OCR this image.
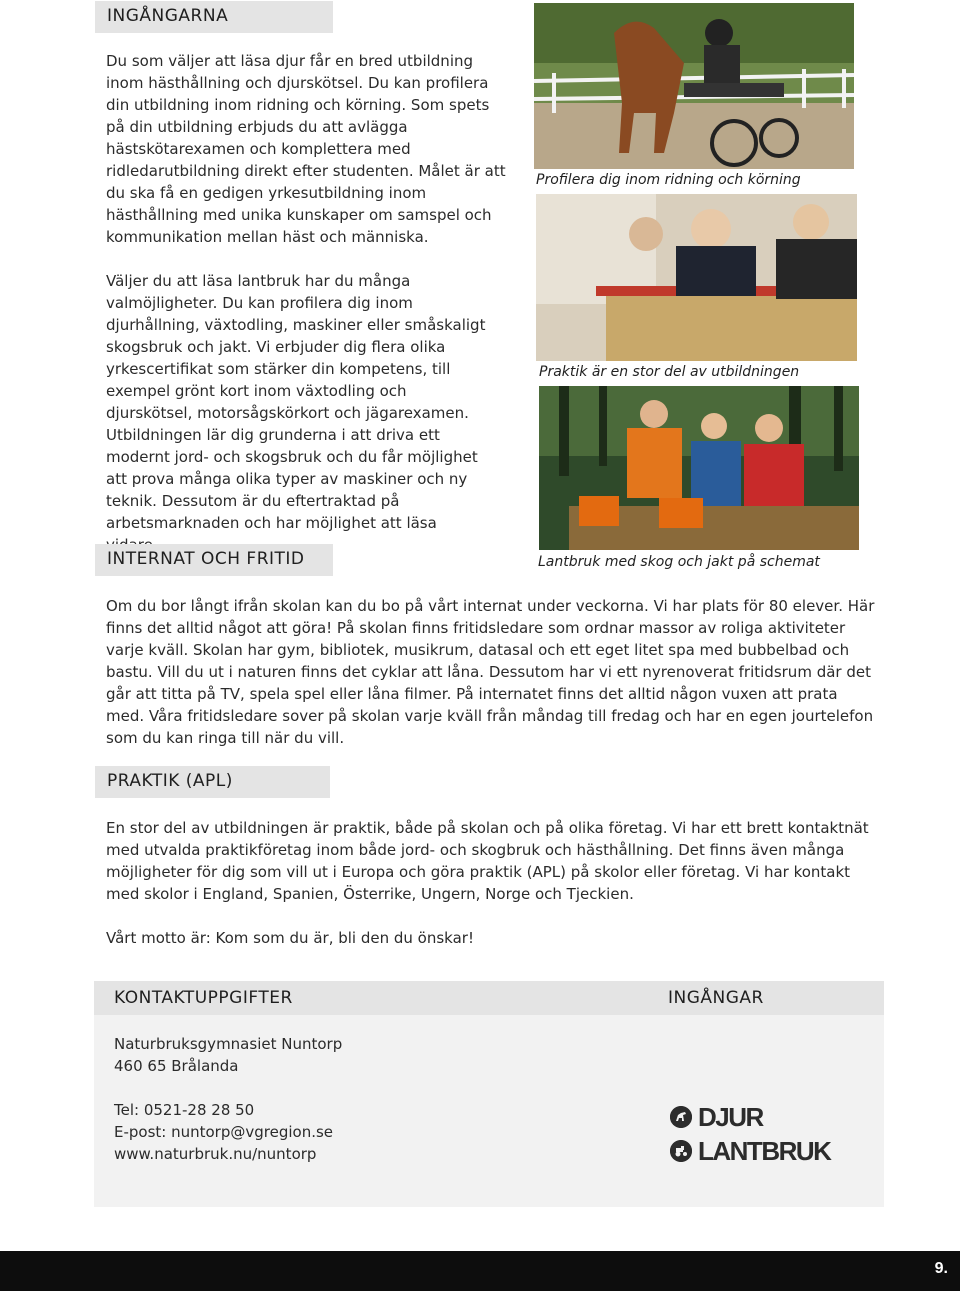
INGÅNGARNA

Du som väljer att läsa djur får en bred utbildning inom hästhållning och djurskötsel. Du kan profilera din utbildning inom ridning och körning. Som spets på din utbildning erbjuds du att avlägga hästskötarexamen och komplettera med ridledarutbildning direkt efter studenten. Målet är att du ska få en gedigen yrkesutbildning inom hästhållning med unika kunskaper om samspel och kommunikation mellan häst och människa.

Väljer du att läsa lantbruk har du många valmöjligheter. Du kan profilera dig inom djurhållning, växtodling, maskiner eller småskaligt skogsbruk och jakt. Vi erbjuder dig flera olika yrkescertifikat som stärker din kompetens, till exempel grönt kort inom växtodling och djurskötsel, motorsågskörkort och jägarexamen. Utbildningen lär dig grunderna i att driva ett modernt jord- och skogsbruk och du får möjlighet att prova många olika typer av maskiner och ny teknik. Dessutom är du eftertraktad på arbetsmarknaden och har möjlighet att läsa

Profilera dig inom ridning och körning
Praktik är en stor del av utbildningen
Lantbruk med skog och jakt på schemat
INTERNAT OCH FRITID

Om du bor långt ifrån skolan kan du bo på vårt internat under veckorna. Vi har plats för 80 elever. Här finns det alltid något att göra! På skolan finns fritidsledare som ordnar massor av roliga aktiviteter varje kväll. Skolan har gym, bibliotek, musikrum, datasal och ett eget litet spa med bubbelbad och bastu. Vill du ut i naturen finns det cyklar att låna. Dessutom har vi ett nyrenoverat fritidsrum där det går att titta på TV, spela spel eller låna filmer. På internatet finns det alltid någon vuxen att prata med. Våra fritidsledare sover på skolan varje kväll från måndag till fredag och har en egen jourtelefon som du kan ringa till när du vill.

PRAKTIK (APL)

En stor del av utbildningen är praktik, både på skolan och på olika företag. Vi har ett brett kontaktnät med utvalda praktikföretag inom både jord- och skogbruk och hästhållning. Det finns även många möjligheter för dig som vill ut i Europa och göra praktik (APL) på skolor eller företag. Vi har kontakt med skolor i England, Spanien, Österrike, Ungern, Norge och Tjeckien.

Vårt motto är: Kom som du är, bli den du önskar!

KONTAKTUPPGIFTER	INGÅNGAR

Naturbruksgymnasiet Nuntorp

460 65 Brålanda

Tel: 0521-28 28 50

E-post: nuntorp@vgregion.se

www.naturbruk.nu/nuntorp

DJUR
LANTBRUK
9.
